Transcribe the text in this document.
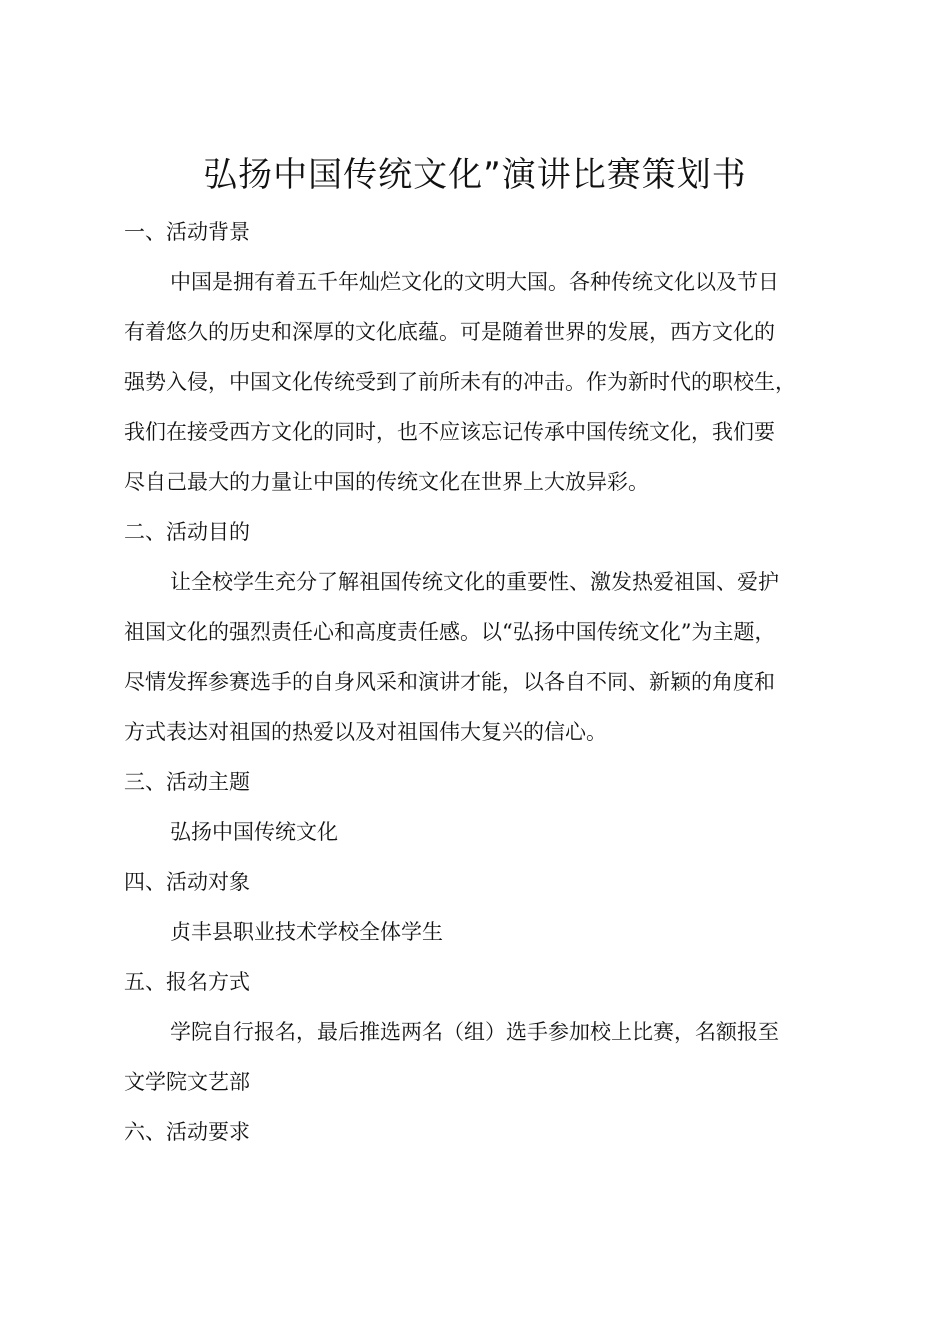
弘扬中国传统文化”演讲比赛策划书
一、活动背景
中国是拥有着五千年灿烂文化的文明大国。各种传统文化以及节日
有着悠久的历史和深厚的文化底蕴。可是随着世界的发展，西方文化的
强势入侵，中国文化传统受到了前所未有的冲击。作为新时代的职校生，
我们在接受西方文化的同时，也不应该忘记传承中国传统文化，我们要
尽自己最大的力量让中国的传统文化在世界上大放异彩。
二、活动目的
让全校学生充分了解祖国传统文化的重要性、激发热爱祖国、爱护
祖国文化的强烈责任心和高度责任感。以“弘扬中国传统文化”为主题，
尽情发挥参赛选手的自身风采和演讲才能，以各自不同、新颖的角度和
方式表达对祖国的热爱以及对祖国伟大复兴的信心。
三、活动主题
弘扬中国传统文化
四、活动对象
贞丰县职业技术学校全体学生
五、报名方式
学院自行报名，最后推选两名（组）选手参加校上比赛，名额报至
文学院文艺部
六、活动要求
